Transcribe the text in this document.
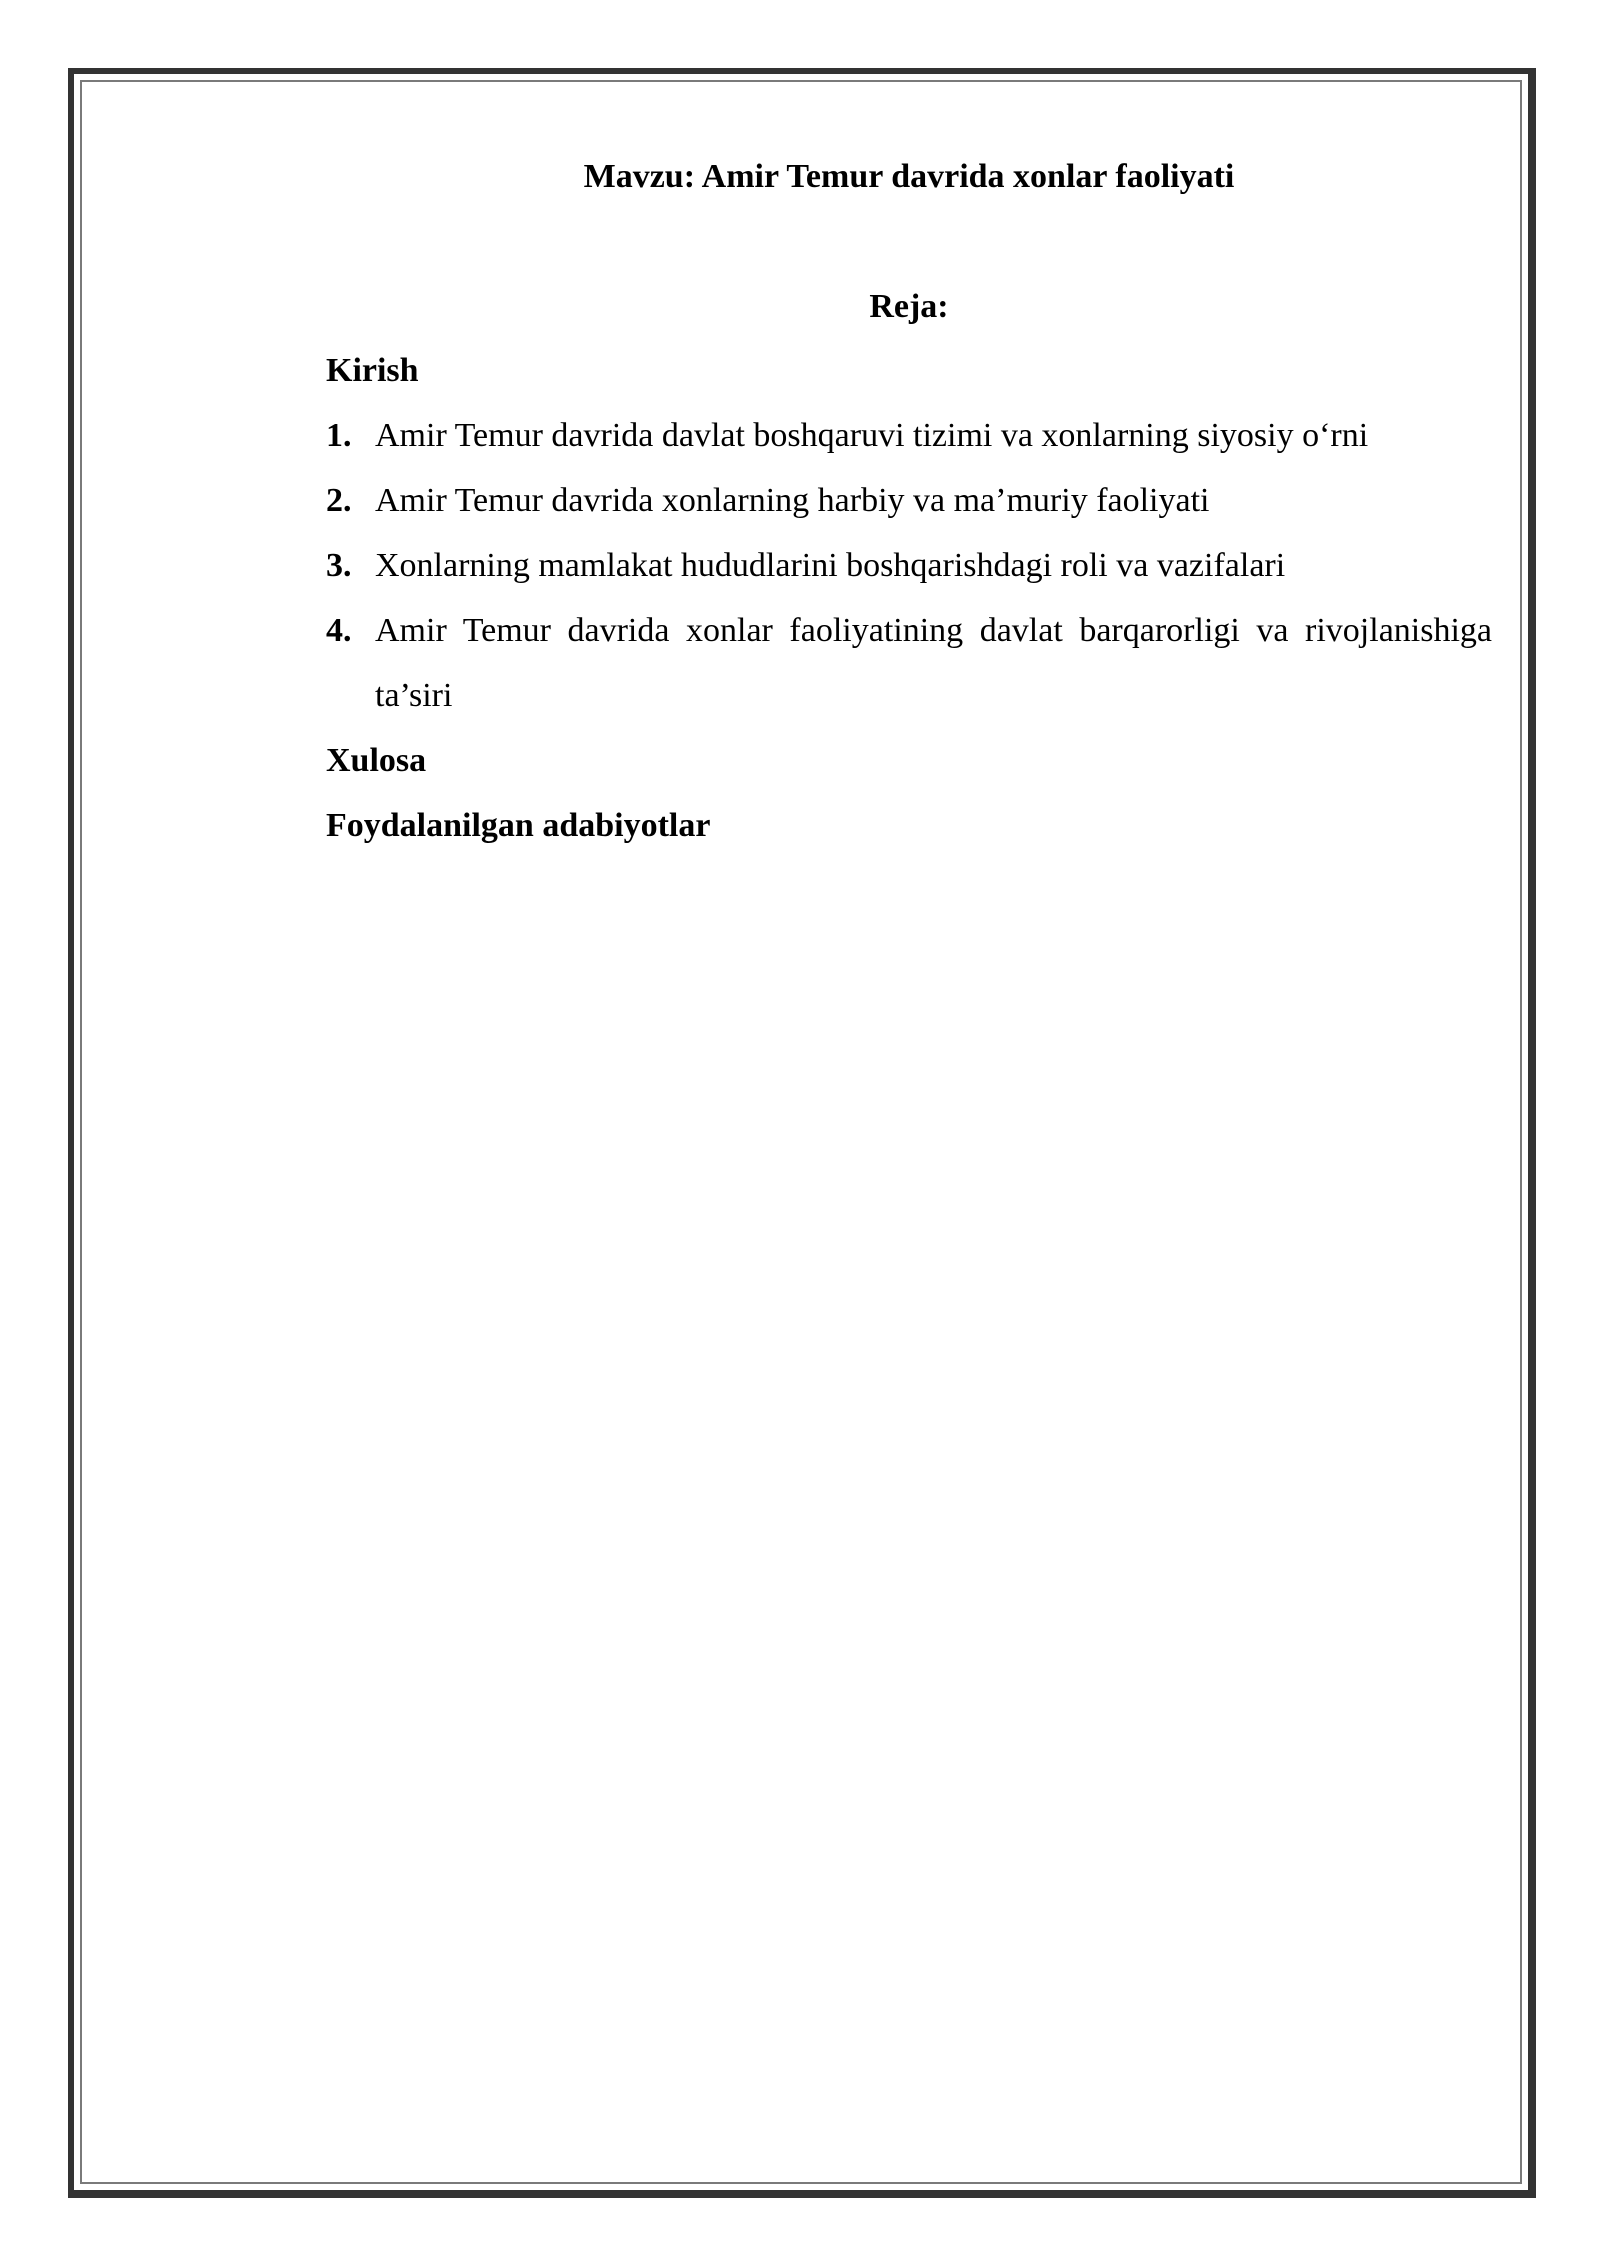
Mavzu: Amir Temur davrida xonlar faoliyati
Reja:

Kirish

1. Amir Temur davrida davlat boshqaruvi tizimi va xonlarning siyosiy o‘rni
2. Amir Temur davrida xonlarning harbiy va ma’muriy faoliyati
3. Xonlarning mamlakat hududlarini boshqarishdagi roli va vazifalari
4. Amir Temur davrida xonlar faoliyatining davlat barqarorligi va rivojlanishiga ta’siri

Xulosa

Foydalanilgan adabiyotlar
